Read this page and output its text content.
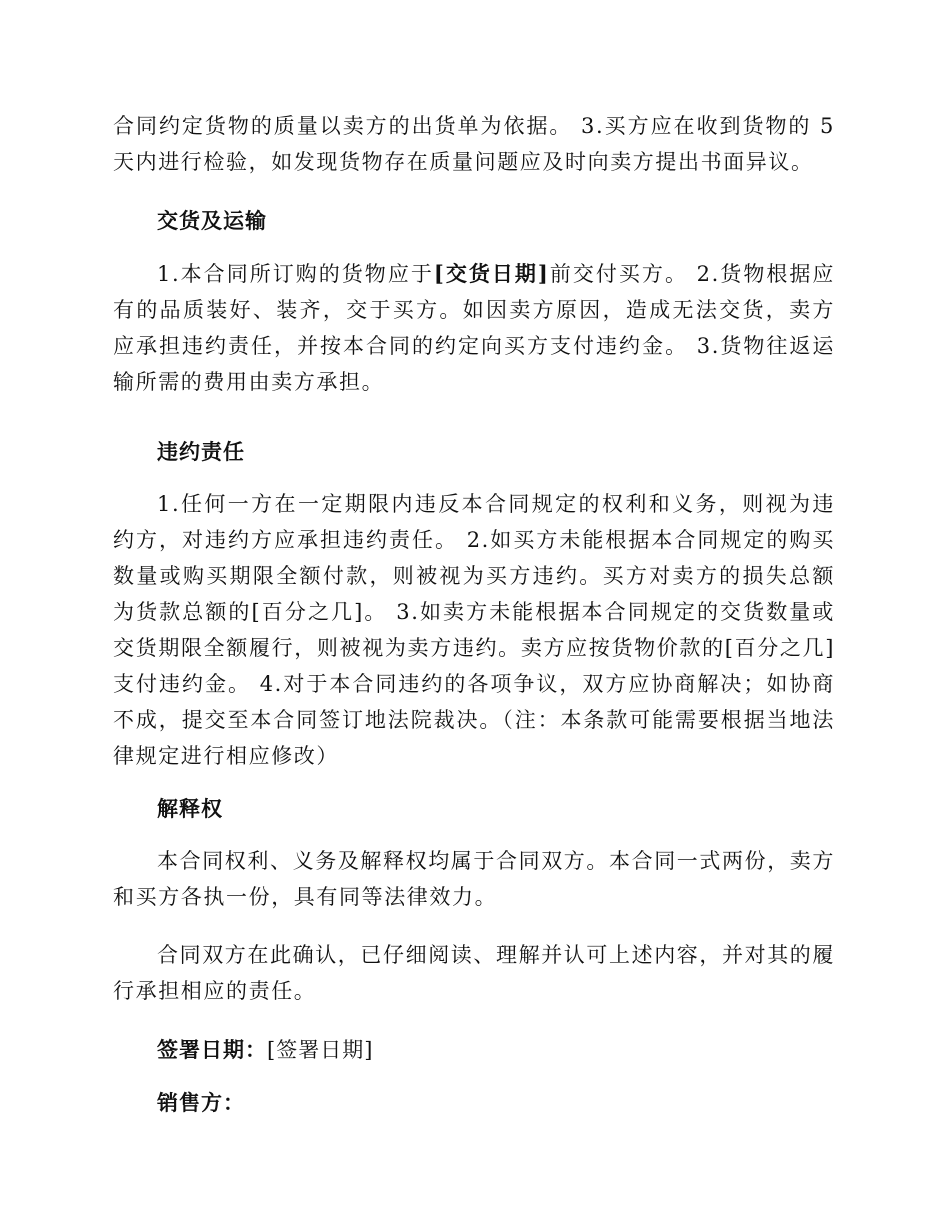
合同约定货物的质量以卖方的出货单为依据。 3.买方应在收到货物的 5 天内进行检验，如发现货物存在质量问题应及时向卖方提出书面异议。
交货及运输
1.本合同所订购的货物应于[交货日期]前交付买方。 2.货物根据应有的品质装好、装齐，交于买方。如因卖方原因，造成无法交货，卖方应承担违约责任，并按本合同的约定向买方支付违约金。 3.货物往返运输所需的费用由卖方承担。
违约责任
1.任何一方在一定期限内违反本合同规定的权利和义务，则视为违约方，对违约方应承担违约责任。 2.如买方未能根据本合同规定的购买数量或购买期限全额付款，则被视为买方违约。买方对卖方的损失总额为货款总额的[百分之几]。 3.如卖方未能根据本合同规定的交货数量或交货期限全额履行，则被视为卖方违约。卖方应按货物价款的[百分之几]支付违约金。 4.对于本合同违约的各项争议，双方应协商解决；如协商不成，提交至本合同签订地法院裁决。（注：本条款可能需要根据当地法律规定进行相应修改）
解释权
本合同权利、义务及解释权均属于合同双方。本合同一式两份，卖方和买方各执一份，具有同等法律效力。
合同双方在此确认，已仔细阅读、理解并认可上述内容，并对其的履行承担相应的责任。
签署日期：[签署日期]
销售方：
